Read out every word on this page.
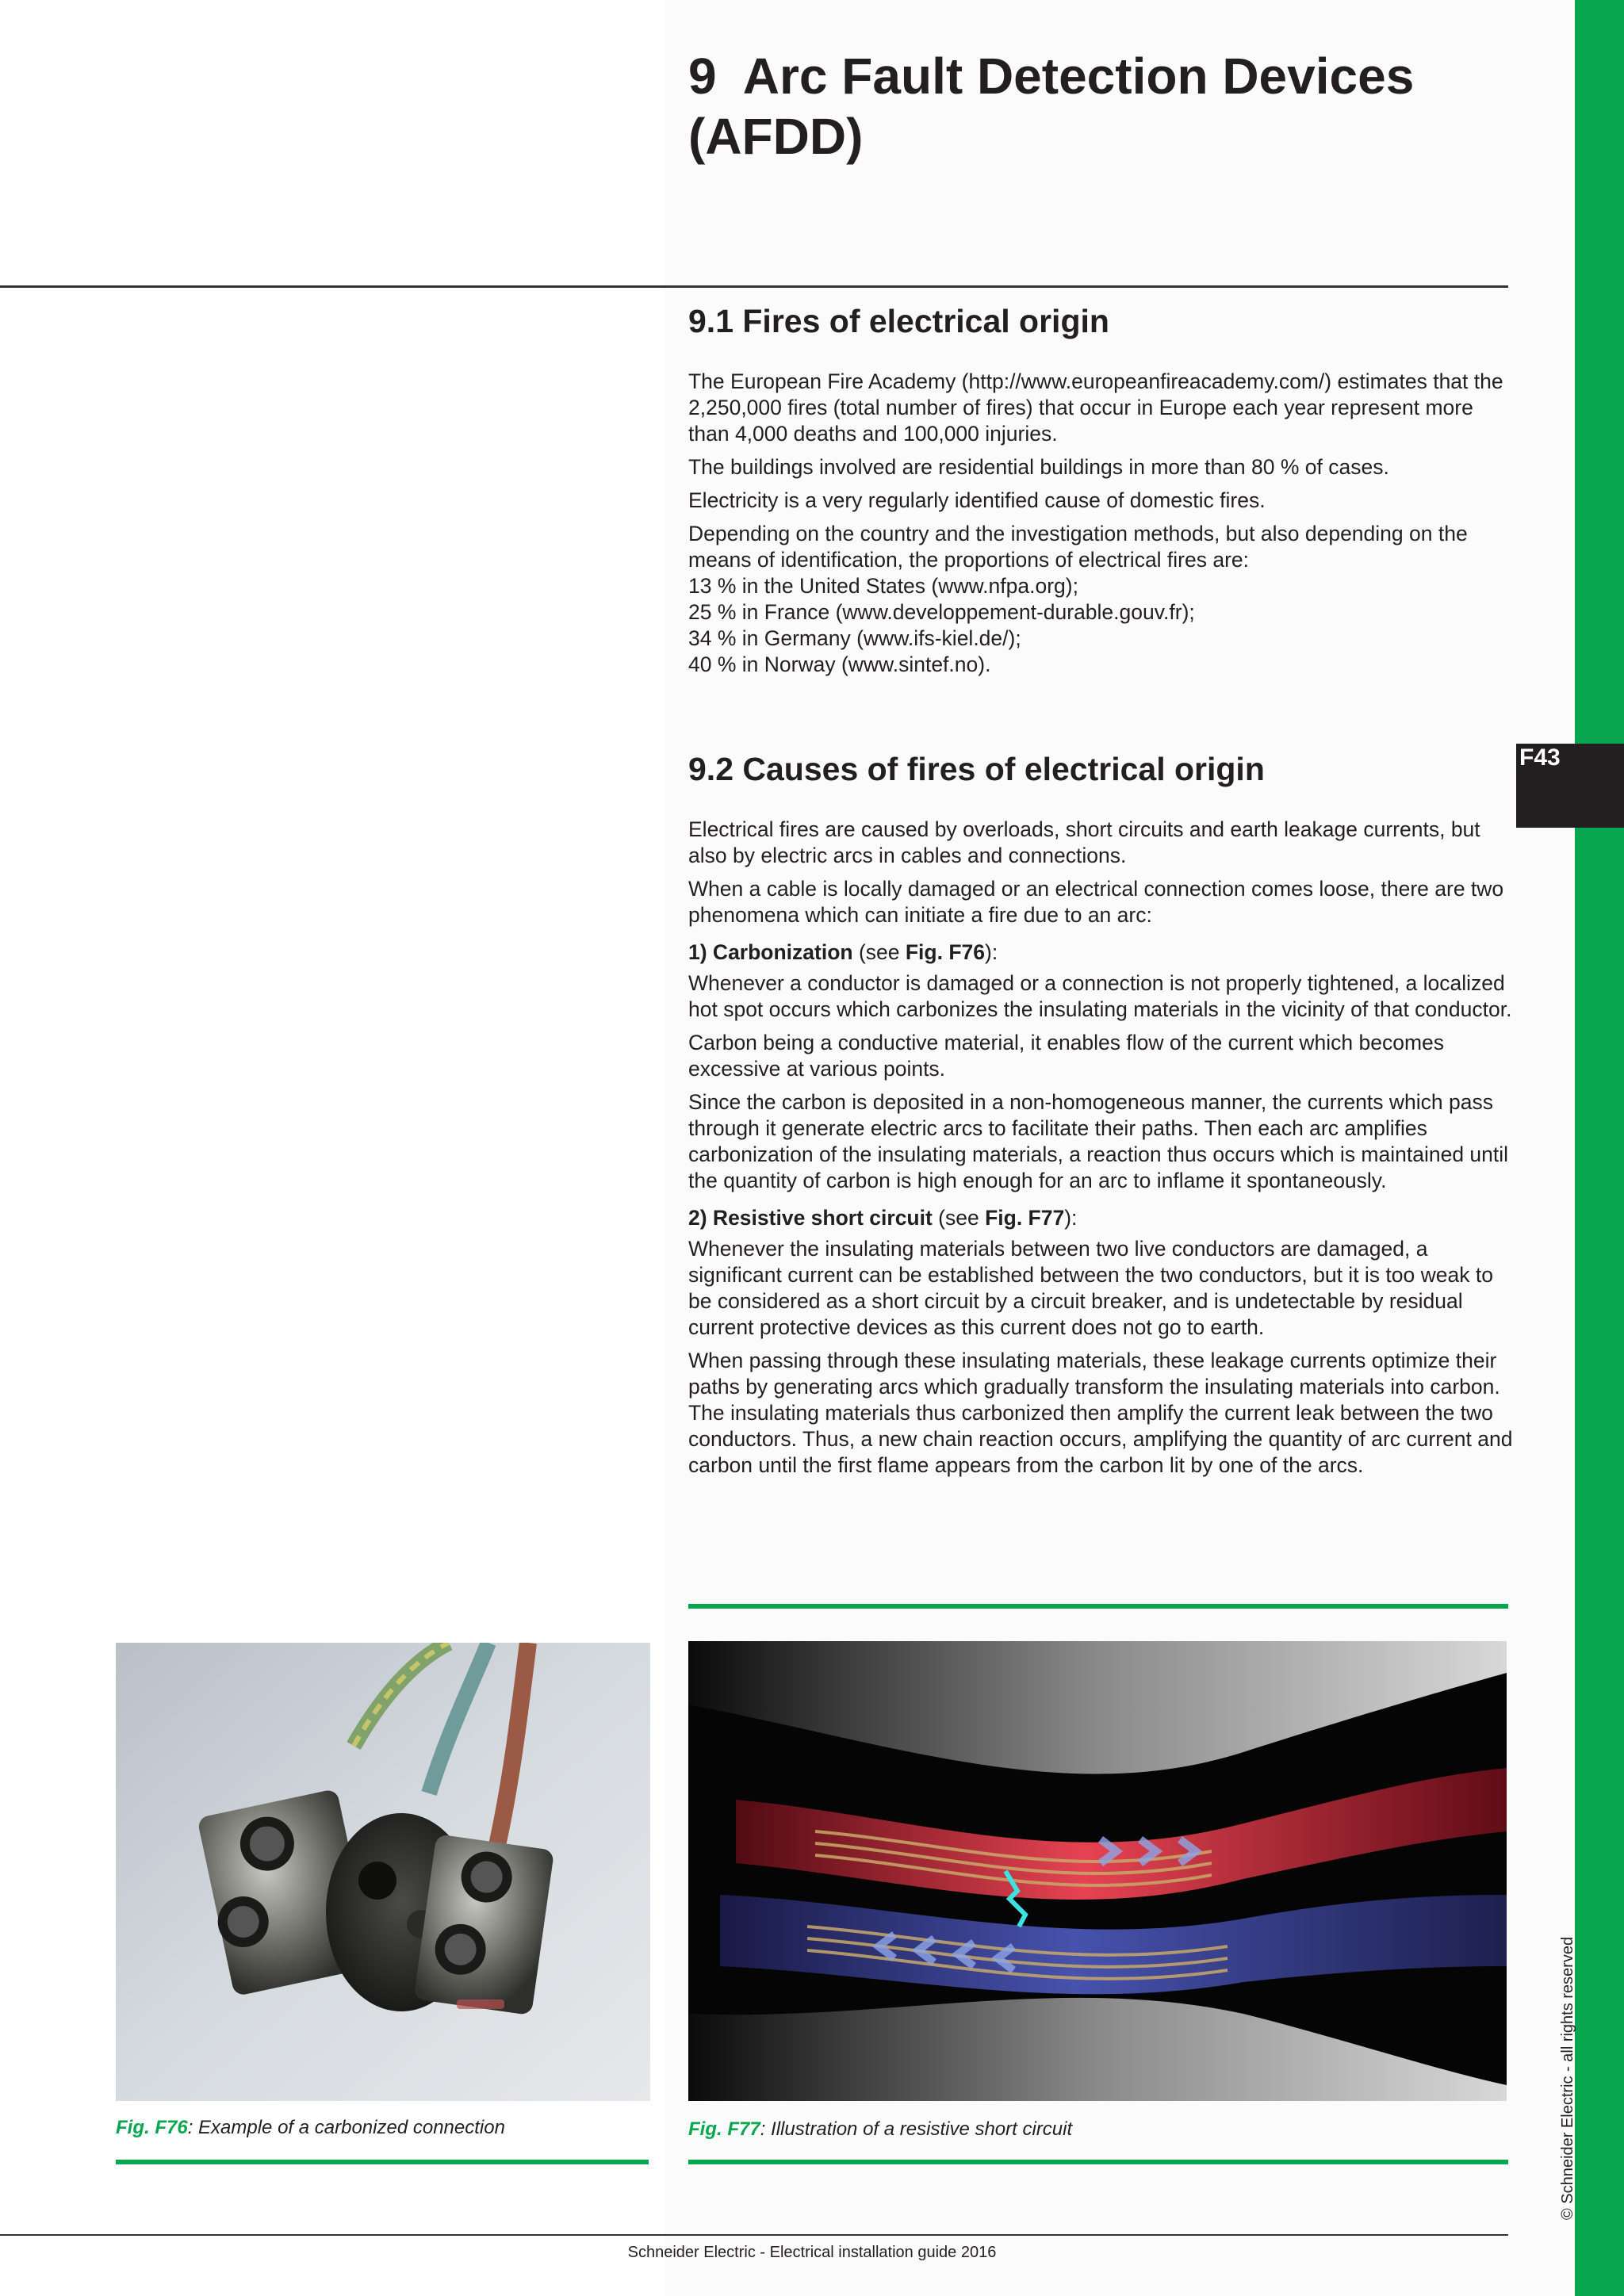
F43
9  Arc Fault Detection Devices
(AFDD)
9.1 Fires of electrical origin

The European Fire Academy (http://www.europeanfireacademy.com/) estimates that the 2,250,000 fires (total number of fires) that occur in Europe each year represent more than 4,000 deaths and 100,000 injuries.

The buildings involved are residential buildings in more than 80 % of cases.

Electricity is a very regularly identified cause of domestic fires.

Depending on the country and the investigation methods, but also depending on the means of identification, the proportions of electrical fires are:
13 % in the United States (www.nfpa.org);
25 % in France (www.developpement-durable.gouv.fr);
34 % in Germany (www.ifs-kiel.de/);
40 % in Norway (www.sintef.no).

9.2 Causes of fires of electrical origin

Electrical fires are caused by overloads, short circuits and earth leakage currents, but also by electric arcs in cables and connections.

When a cable is locally damaged or an electrical connection comes loose, there are two phenomena which can initiate a fire due to an arc:

1) Carbonization (see Fig. F76):

Whenever a conductor is damaged or a connection is not properly tightened, a localized hot spot occurs which carbonizes the insulating materials in the vicinity of that conductor.

Carbon being a conductive material, it enables flow of the current which becomes excessive at various points.

Since the carbon is deposited in a non-homogeneous manner, the currents which pass through it generate electric arcs to facilitate their paths. Then each arc amplifies carbonization of the insulating materials, a reaction thus occurs which is maintained until the quantity of carbon is high enough for an arc to inflame it spontaneously.

2) Resistive short circuit (see Fig. F77):

Whenever the insulating materials between two live conductors are damaged, a significant current can be established between the two conductors, but it is too weak to be considered as a short circuit by a circuit breaker, and is undetectable by residual current protective devices as this current does not go to earth.

When passing through these insulating materials, these leakage currents optimize their paths by generating arcs which gradually transform the insulating materials into carbon.

The insulating materials thus carbonized then amplify the current leak between the two conductors. Thus, a new chain reaction occurs, amplifying the quantity of arc current and carbon until the first flame appears from the carbon lit by one of the arcs.

Fig. F76: Example of a carbonized connection	Fig. F77: Illustration of a resistive short circuit	© Schneider Electric - all rights reserved
Schneider Electric - Electrical installation guide 2016
